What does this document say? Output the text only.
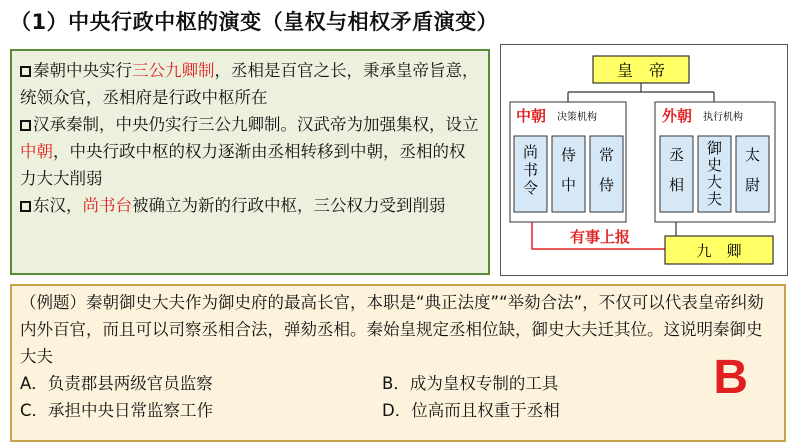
（1）中央行政中枢的演变（皇权与相权矛盾演变）

秦朝中央实行三公九卿制，丞相是百官之长，秉承皇帝旨意，统领众官，丞相府是行政中枢所在

汉承秦制，中央仍实行三公九卿制。汉武帝为加强集权，设立中朝，中央行政中枢的权力逐渐由丞相转移到中朝，丞相的权力大大削弱

东汉，尚书台被确立为新的行政中枢，三公权力受到削弱

皇　帝
中朝 决策机构	外朝 执行机构
尚书令
侍中
常侍
丞相
御史大夫
太尉
有事上报
九　卿

（例题）秦朝御史大夫作为御史府的最高长官，本职是“典正法度”“举劾合法”，不仅可以代表皇帝纠劾内外百官，而且可以司察丞相合法，弹劾丞相。秦始皇规定丞相位缺，御史大夫迁其位。这说明秦御史大夫

A．负责郡县两级官员监察	B．成为皇权专制的工具
C．承担中央日常监察工作	D．位高而且权重于丞相
B
